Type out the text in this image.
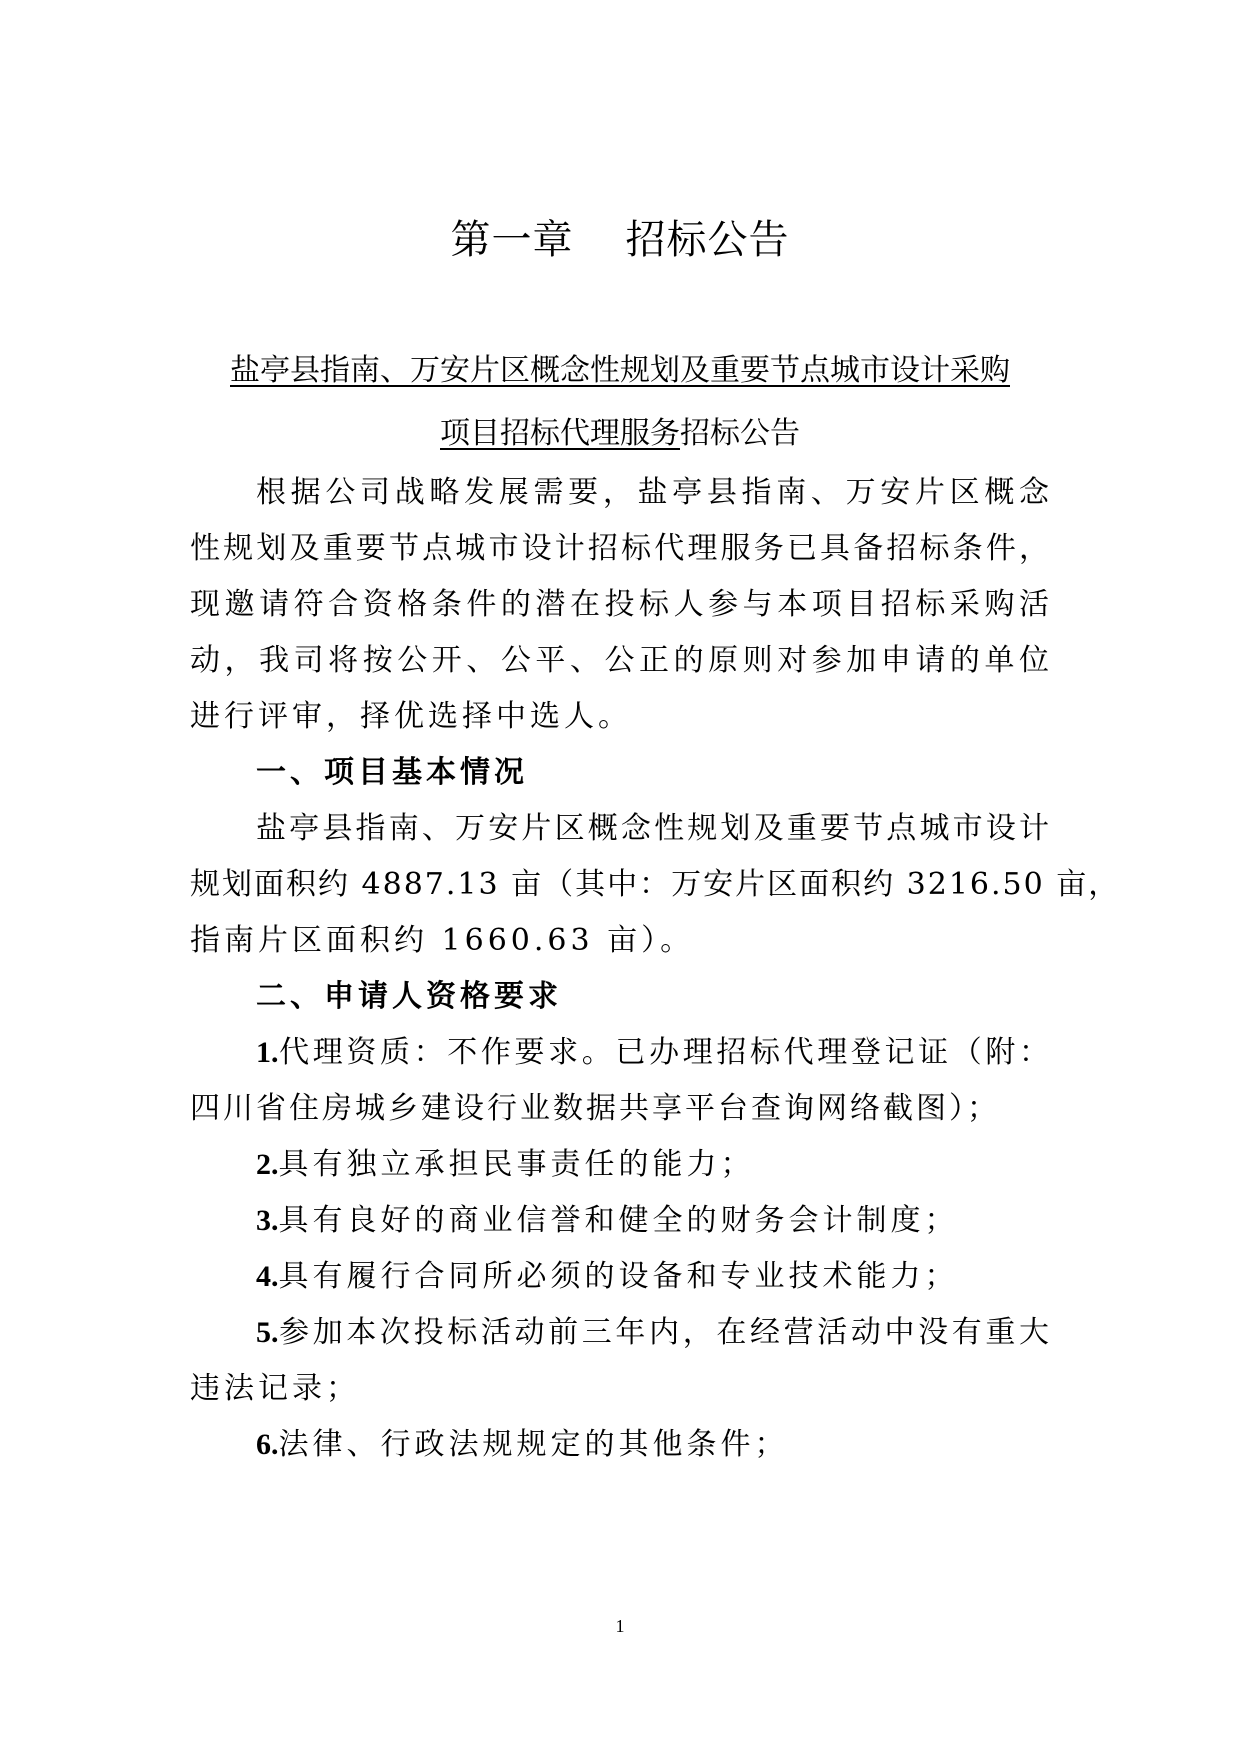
第一章 招标公告
盐亭县指南、万安片区概念性规划及重要节点城市设计采购
项目招标代理服务招标公告
根据公司战略发展需要，盐亭县指南、万安片区概念
性规划及重要节点城市设计招标代理服务已具备招标条件，
现邀请符合资格条件的潜在投标人参与本项目招标采购活
动，我司将按公开、公平、公正的原则对参加申请的单位
进行评审，择优选择中选人。
一、项目基本情况
盐亭县指南、万安片区概念性规划及重要节点城市设计
规划面积约 4887.13 亩（其中：万安片区面积约 3216.50 亩，
指南片区面积约 1660.63 亩）。
二、申请人资格要求
1.代理资质：不作要求。已办理招标代理登记证（附：
四川省住房城乡建设行业数据共享平台查询网络截图）；
2.具有独立承担民事责任的能力；
3.具有良好的商业信誉和健全的财务会计制度；
4.具有履行合同所必须的设备和专业技术能力；
5.参加本次投标活动前三年内，在经营活动中没有重大
违法记录；
6.法律、行政法规规定的其他条件；
1
